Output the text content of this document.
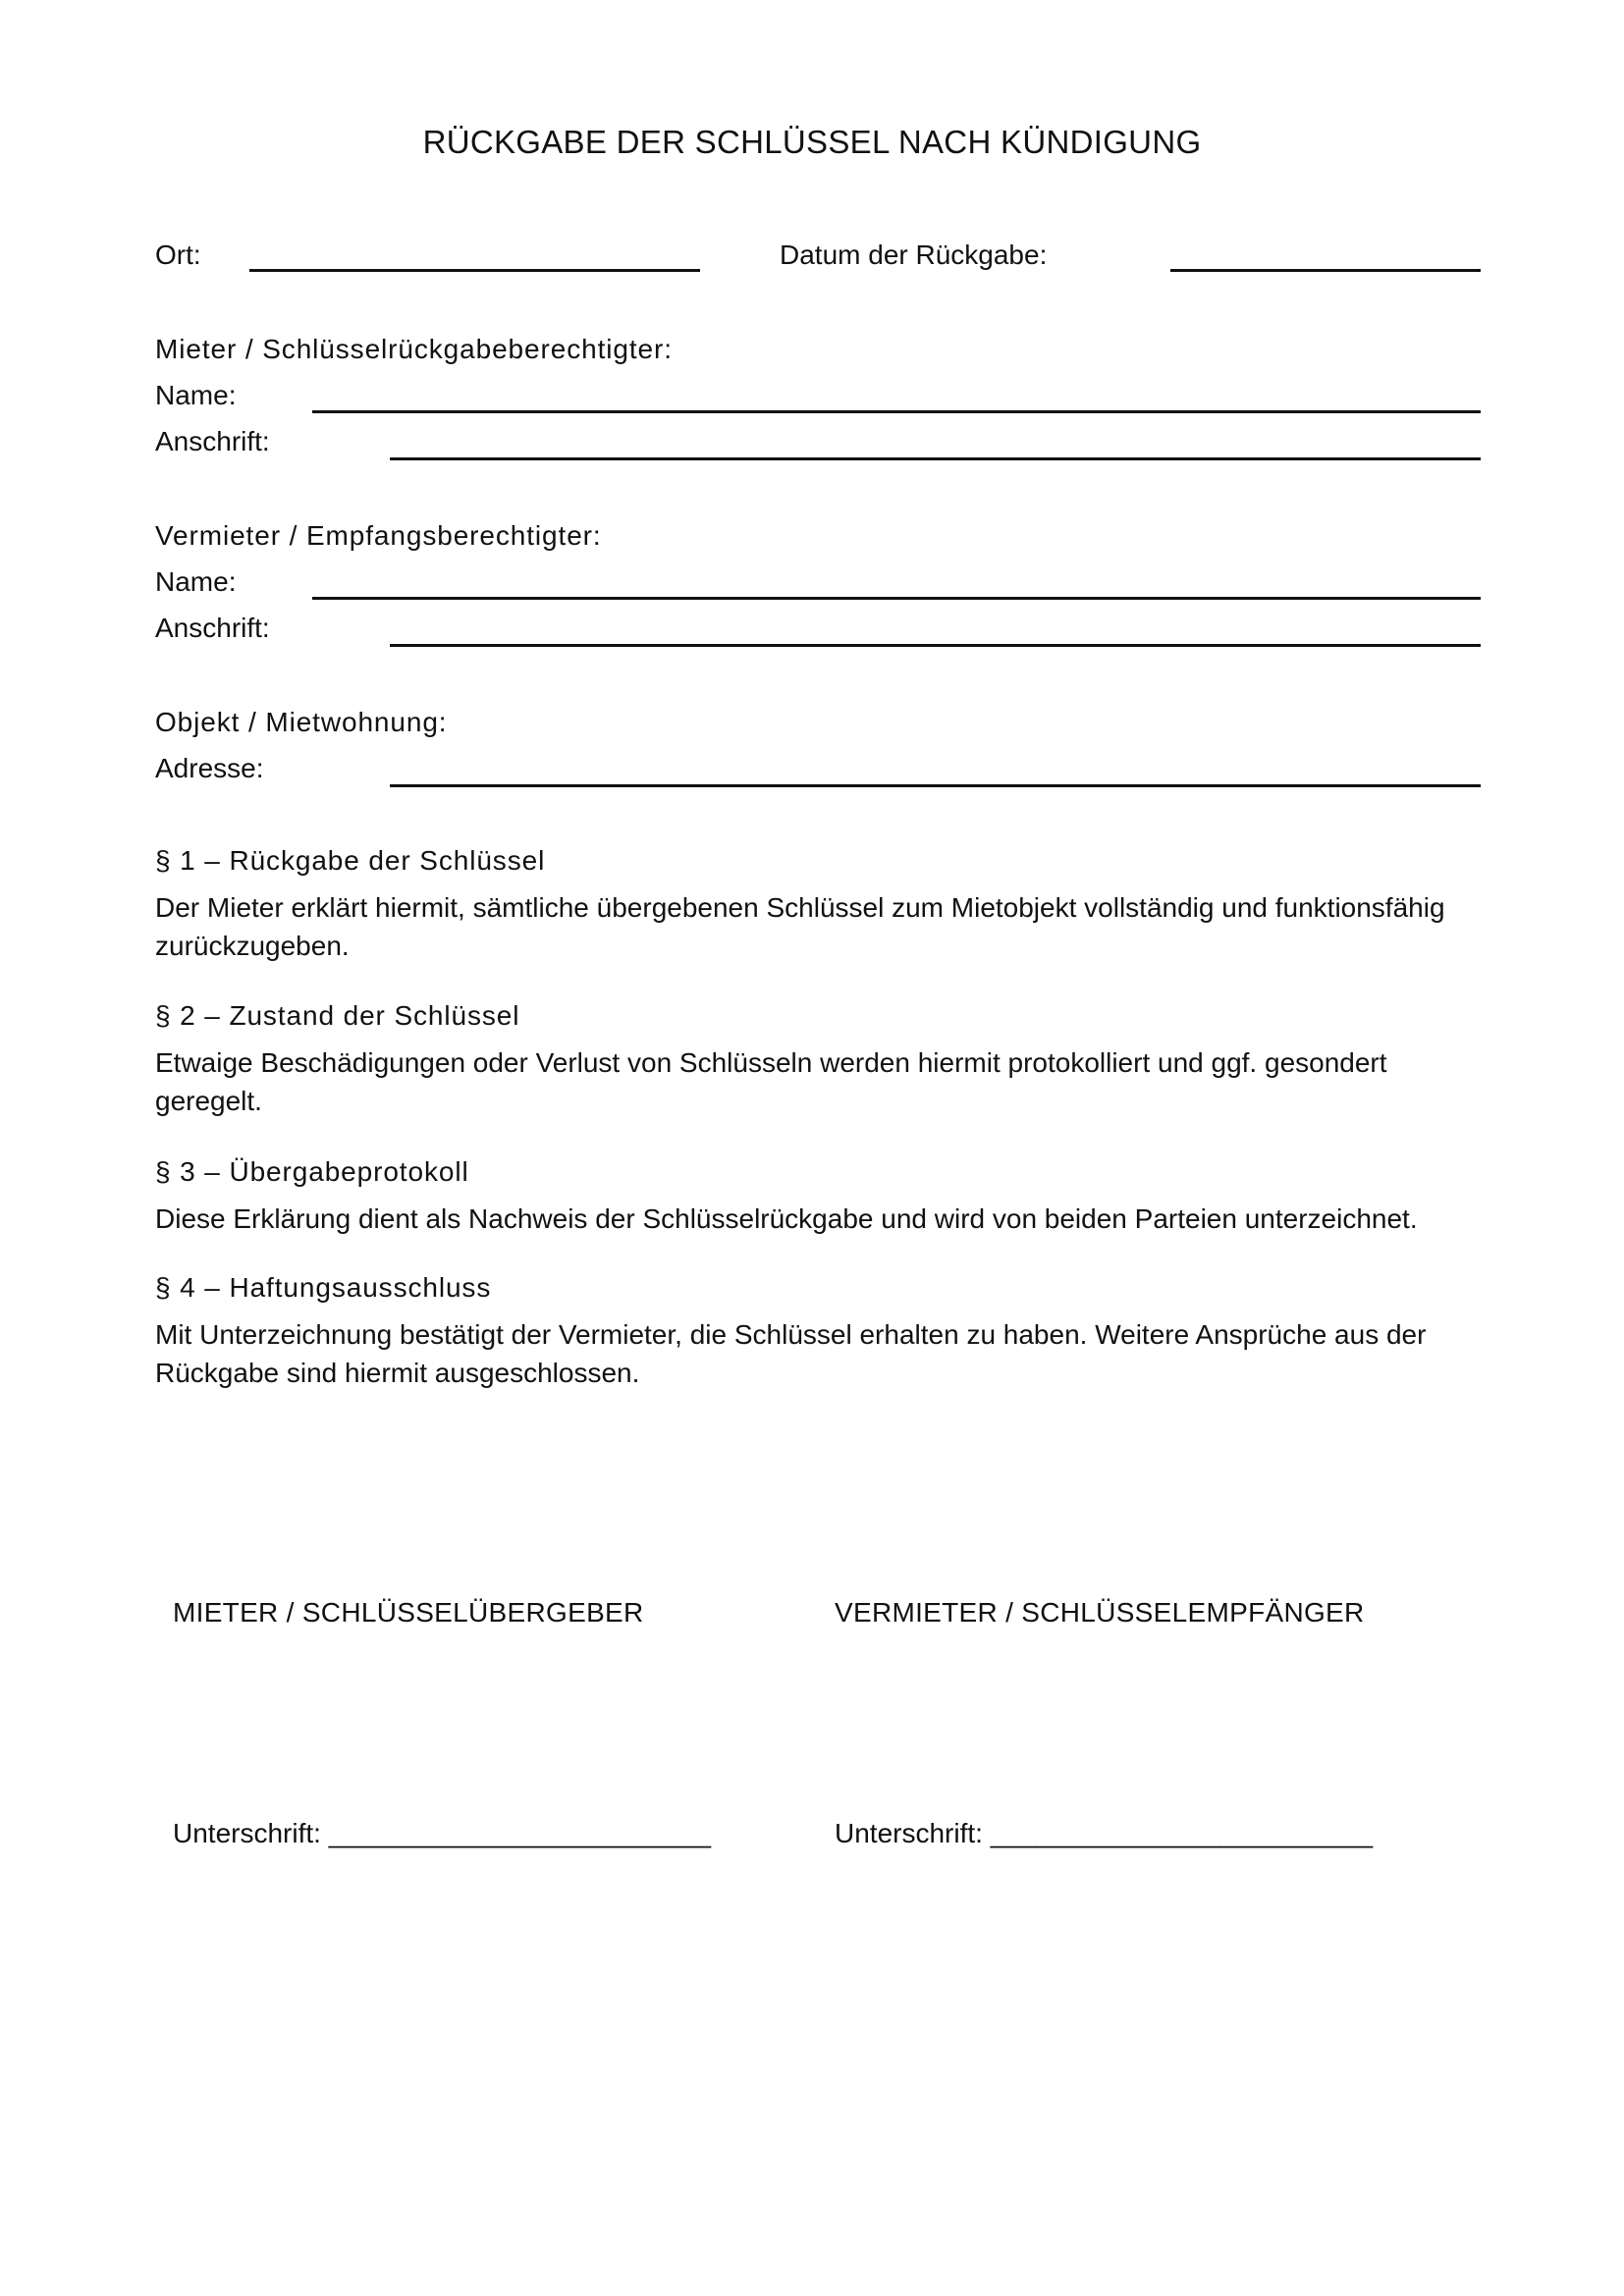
RÜCKGABE DER SCHLÜSSEL NACH KÜNDIGUNG
Ort:	Datum der Rückgabe:
Mieter / Schlüsselrückgabeberechtigter:
Name:
Anschrift:
Vermieter / Empfangsberechtigter:
Name:
Anschrift:
Objekt / Mietwohnung:
Adresse:
§ 1 – Rückgabe der Schlüssel
Der Mieter erklärt hiermit, sämtliche übergebenen Schlüssel zum Mietobjekt vollständig und funktionsfähig
zurückzugeben.
§ 2 – Zustand der Schlüssel
Etwaige Beschädigungen oder Verlust von Schlüsseln werden hiermit protokolliert und ggf. gesondert
geregelt.
§ 3 – Übergabeprotokoll
Diese Erklärung dient als Nachweis der Schlüsselrückgabe und wird von beiden Parteien unterzeichnet.
§ 4 – Haftungsausschluss
Mit Unterzeichnung bestätigt der Vermieter, die Schlüssel erhalten zu haben. Weitere Ansprüche aus der
Rückgabe sind hiermit ausgeschlossen.
MIETER / SCHLÜSSELÜBERGEBER	VERMIETER / SCHLÜSSELEMPFÄNGER
Unterschrift: _________________________	Unterschrift: _________________________
